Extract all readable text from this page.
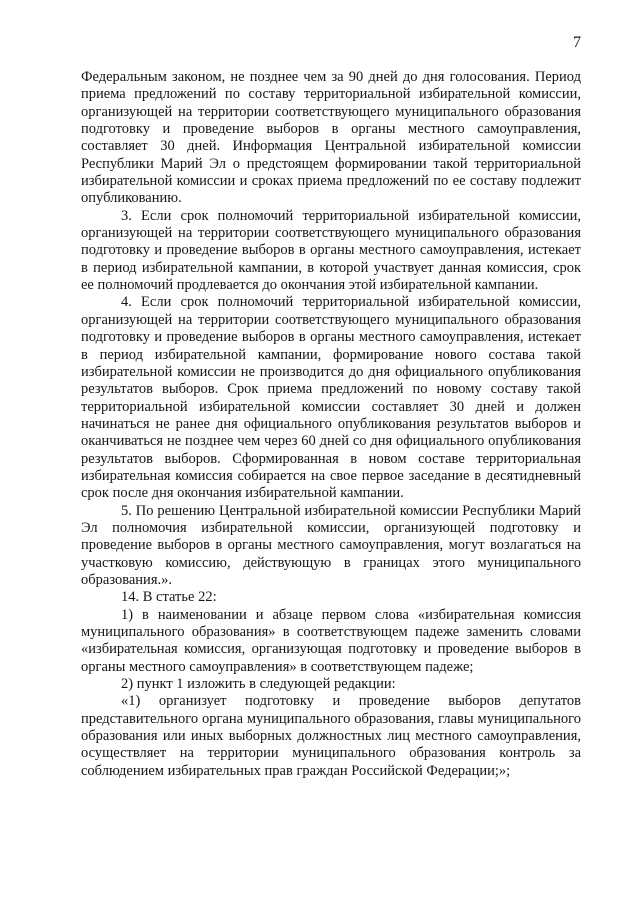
7

Федеральным законом, не позднее чем за 90 дней до дня голосования. Период приема предложений по составу территориальной избирательной комиссии, организующей на территории соответствующего муниципального образования подготовку и проведение выборов в органы местного самоуправления, составляет 30 дней. Информация Центральной избирательной комиссии Республики Марий Эл о предстоящем формировании такой территориальной избирательной комиссии и сроках приема предложений по ее составу подлежит опубликованию.

3. Если срок полномочий территориальной избирательной комиссии, организующей на территории соответствующего муниципального образования подготовку и проведение выборов в органы местного самоуправления, истекает в период избирательной кампании, в которой участвует данная комиссия, срок ее полномочий продлевается до окончания этой избирательной кампании.

4. Если срок полномочий территориальной избирательной комиссии, организующей на территории соответствующего муниципального образования подготовку и проведение выборов в органы местного самоуправления, истекает в период избирательной кампании, формирование нового состава такой избирательной комиссии не производится до дня официального опубликования результатов выборов. Срок приема предложений по новому составу такой территориальной избирательной комиссии составляет 30 дней и должен начинаться не ранее дня официального опубликования результатов выборов и оканчиваться не позднее чем через 60 дней со дня официального опубликования результатов выборов. Сформированная в новом составе территориальная избирательная комиссия собирается на свое первое заседание в десятидневный срок после дня окончания избирательной кампании.

5. По решению Центральной избирательной комиссии Республики Марий Эл полномочия избирательной комиссии, организующей подготовку и проведение выборов в органы местного самоуправления, могут возлагаться на участковую комиссию, действующую в границах этого муниципального образования.».

14. В статье 22:

1) в наименовании и абзаце первом слова «избирательная комиссия муниципального образования» в соответствующем падеже заменить словами «избирательная комиссия, организующая подготовку и проведение выборов в органы местного самоуправления» в соответствующем падеже;

2) пункт 1 изложить в следующей редакции:

«1) организует подготовку и проведение выборов депутатов представительного органа муниципального образования, главы муниципального образования или иных выборных должностных лиц местного самоуправления, осуществляет на территории муниципального образования контроль за соблюдением избирательных прав граждан Российской Федерации;»;
